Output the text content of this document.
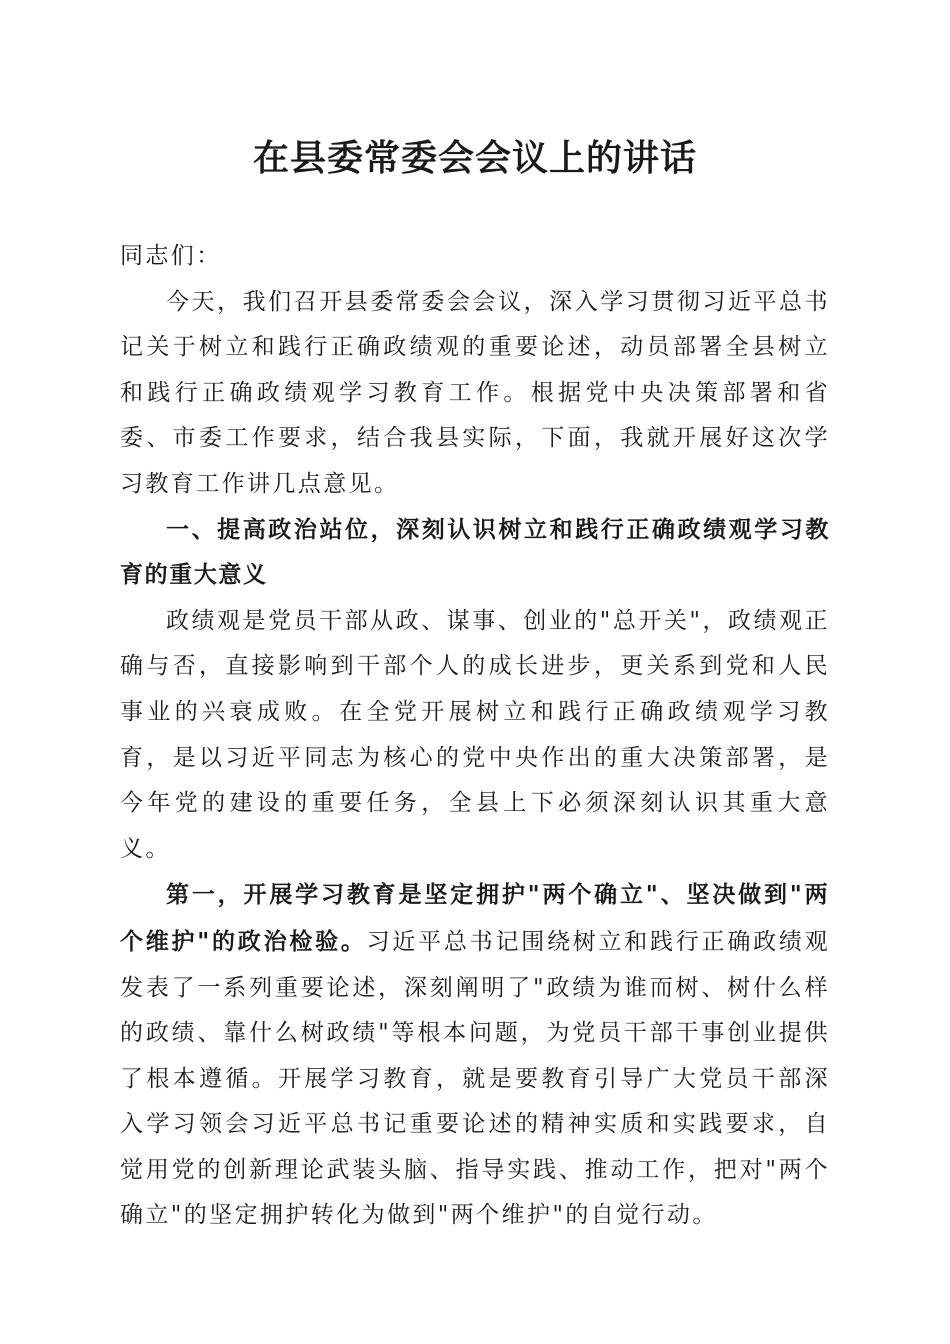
在县委常委会会议上的讲话

同志们：

今天，我们召开县委常委会会议，深入学习贯彻习近平总书记关于树立和践行正确政绩观的重要论述，动员部署全县树立和践行正确政绩观学习教育工作。根据党中央决策部署和省委、市委工作要求，结合我县实际，下面，我就开展好这次学习教育工作讲几点意见。

一、提高政治站位，深刻认识树立和践行正确政绩观学习教育的重大意义

政绩观是党员干部从政、谋事、创业的"总开关"，政绩观正确与否，直接影响到干部个人的成长进步，更关系到党和人民事业的兴衰成败。在全党开展树立和践行正确政绩观学习教育，是以习近平同志为核心的党中央作出的重大决策部署，是今年党的建设的重要任务，全县上下必须深刻认识其重大意义。

第一，开展学习教育是坚定拥护"两个确立"、坚决做到"两个维护"的政治检验。习近平总书记围绕树立和践行正确政绩观发表了一系列重要论述，深刻阐明了"政绩为谁而树、树什么样的政绩、靠什么树政绩"等根本问题，为党员干部干事创业提供了根本遵循。开展学习教育，就是要教育引导广大党员干部深入学习领会习近平总书记重要论述的精神实质和实践要求，自觉用党的创新理论武装头脑、指导实践、推动工作，把对"两个确立"的坚定拥护转化为做到"两个维护"的自觉行动。
